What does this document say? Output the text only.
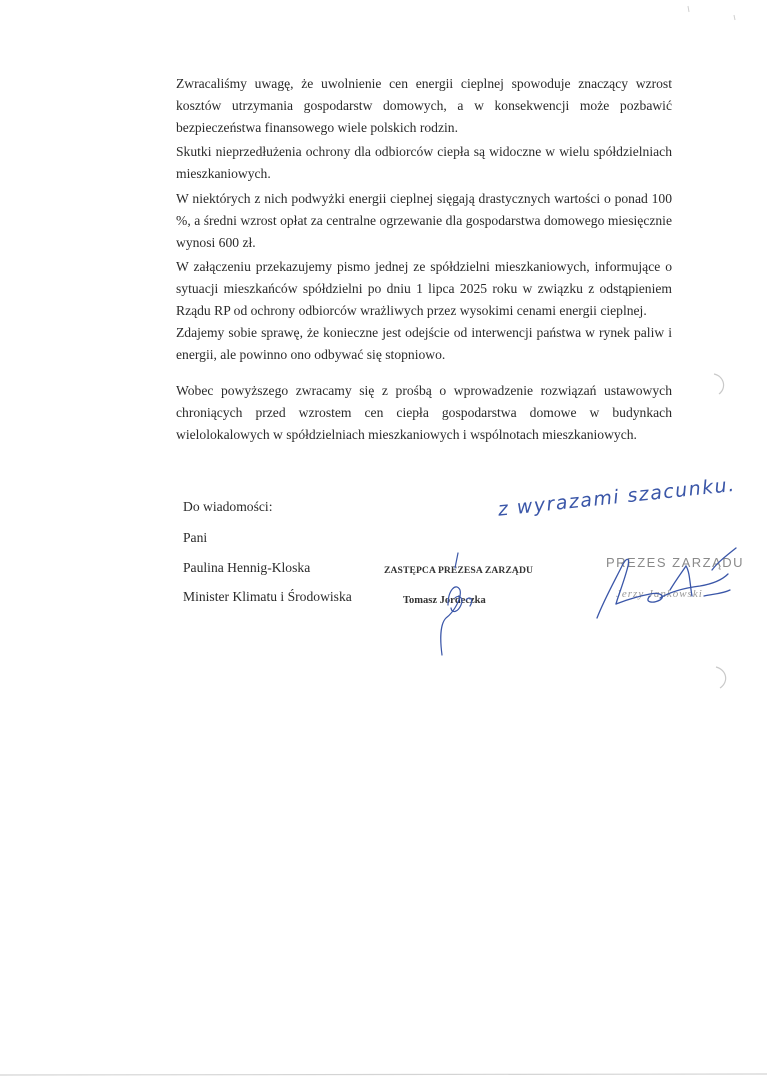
Zwracaliśmy uwagę, że uwolnienie cen energii cieplnej spowoduje znaczący wzrost kosztów utrzymania gospodarstw domowych, a w konsekwencji może pozbawić bezpieczeństwa finansowego wiele polskich rodzin.

Skutki nieprzedłużenia ochrony dla odbiorców ciepła są widoczne w wielu spółdzielniach mieszkaniowych.

W niektórych z nich podwyżki energii cieplnej sięgają drastycznych wartości o ponad 100 %, a średni wzrost opłat za centralne ogrzewanie dla gospodarstwa domowego miesięcznie wynosi 600 zł.

W załączeniu przekazujemy pismo jednej ze spółdzielni mieszkaniowych, informujące o sytuacji mieszkańców spółdzielni po dniu 1 lipca 2025 roku w związku z odstąpieniem Rządu RP od ochrony odbiorców wrażliwych przez wysokimi cenami energii cieplnej.

Zdajemy sobie sprawę, że konieczne jest odejście od interwencji państwa w rynek paliw i energii, ale powinno ono odbywać się stopniowo.

Wobec powyższego zwracamy się z prośbą o wprowadzenie rozwiązań ustawowych chroniących przed wzrostem cen ciepła gospodarstwa domowe w budynkach wielolokalowych w spółdzielniach mieszkaniowych i wspólnotach mieszkaniowych.

Do wiadomości:
Pani
Paulina Hennig-Kloska
Minister Klimatu i Środowiska
ZASTĘPCA PREZESA ZARZĄDU
Tomasz Jordeczka
PREZES ZARZĄDU
Jerzy Jankowski
z wyrazami szacunku.
